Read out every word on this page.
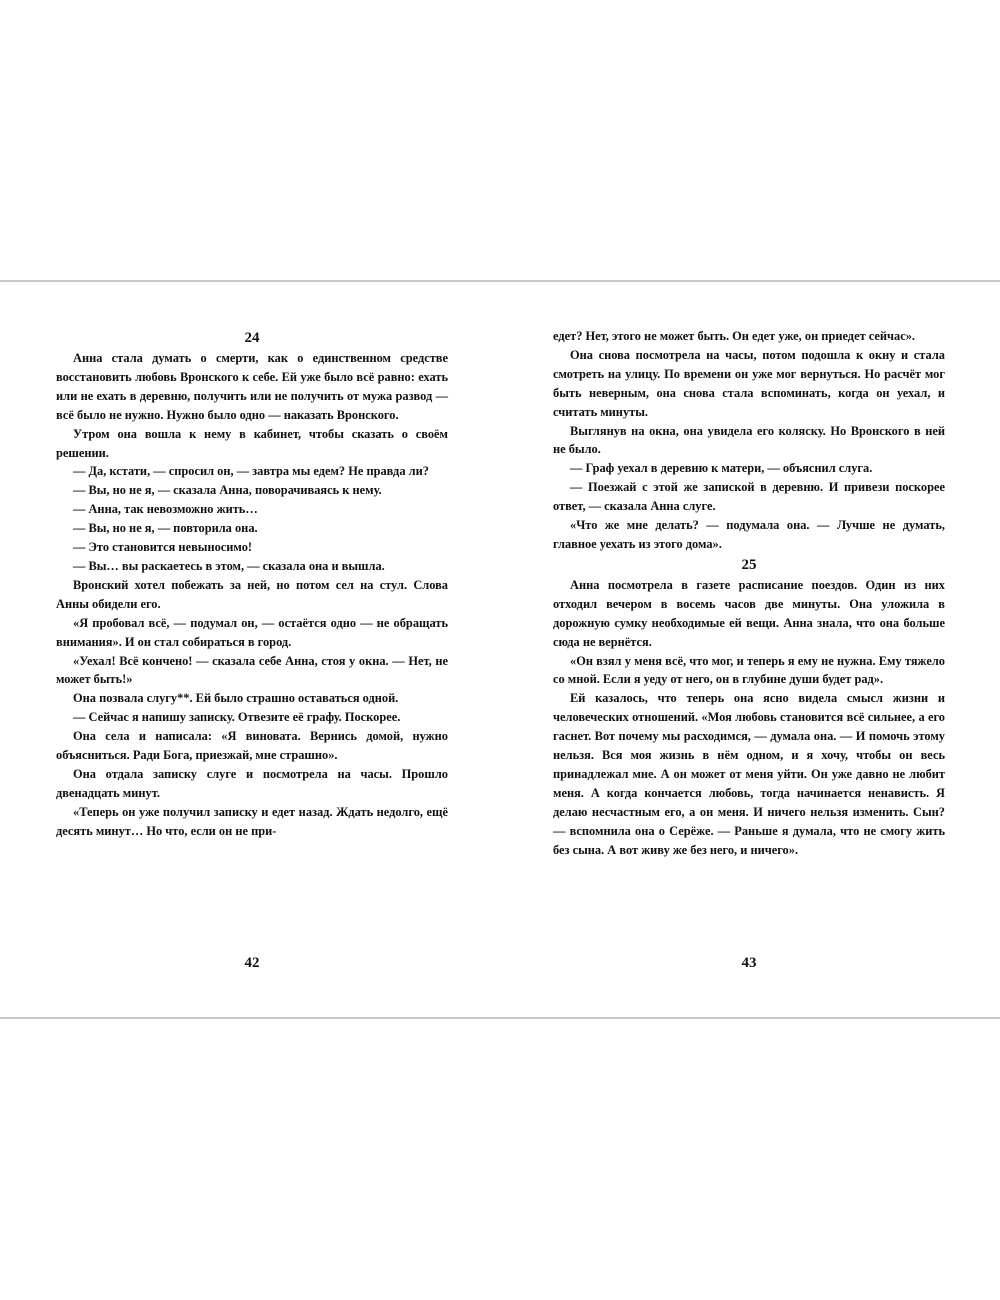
24

Анна стала думать о смерти, как о единственном средстве восстановить любовь Вронского к себе. Ей уже было всё равно: ехать или не ехать в деревню, получить или не получить от мужа развод — всё было не нужно. Нужно было одно — наказать Вронского.

Утром она вошла к нему в кабинет, чтобы сказать о своём решении.

— Да, кстати, — спросил он, — завтра мы едем? Не правда ли?

— Вы, но не я, — сказала Анна, поворачиваясь к нему.

— Анна, так невозможно жить…

— Вы, но не я, — повторила она.

— Это становится невыносимо!

— Вы… вы раскаетесь в этом, — сказала она и вышла.

Вронский хотел побежать за ней, но потом сел на стул. Слова Анны обидели его.

«Я пробовал всё, — подумал он, — остаётся одно — не обращать внимания». И он стал собираться в город.

«Уехал! Всё кончено! — сказала себе Анна, стоя у окна. — Нет, не может быть!»

Она позвала слугу**. Ей было страшно оставаться одной.

— Сейчас я напишу записку. Отвезите её графу. Поскорее.

Она села и написала: «Я виновата. Вернись домой, нужно объясниться. Ради Бога, приезжай, мне страшно».

Она отдала записку слуге и посмотрела на часы. Прошло двенадцать минут.

«Теперь он уже получил записку и едет назад. Ждать недолго, ещё десять минут… Но что, если он не при-

едет? Нет, этого не может быть. Он едет уже, он приедет сейчас».

Она снова посмотрела на часы, потом подошла к окну и стала смотреть на улицу. По времени он уже мог вернуться. Но расчёт мог быть неверным, она снова стала вспоминать, когда он уехал, и считать минуты.

Выглянув на окна, она увидела его коляску. Но Вронского в ней не было.

— Граф уехал в деревню к матери, — объяснил слуга.

— Поезжай с этой же запиской в деревню. И привези поскорее ответ, — сказала Анна слуге.

«Что же мне делать? — подумала она. — Лучше не думать, главное уехать из этого дома».

25

Анна посмотрела в газете расписание поездов. Один из них отходил вечером в восемь часов две минуты. Она уложила в дорожную сумку необходимые ей вещи. Анна знала, что она больше сюда не вернётся.

«Он взял у меня всё, что мог, и теперь я ему не нужна. Ему тяжело со мной. Если я уеду от него, он в глубине души будет рад».

Ей казалось, что теперь она ясно видела смысл жизни и человеческих отношений. «Моя любовь становится всё сильнее, а его гаснет. Вот почему мы расходимся, — думала она. — И помочь этому нельзя. Вся моя жизнь в нём одном, и я хочу, чтобы он весь принадлежал мне. А он может от меня уйти. Он уже давно не любит меня. А когда кончается любовь, тогда начинается ненависть. Я делаю несчастным его, а он меня. И ничего нельзя изменить. Сын? — вспомнила она о Серёже. — Раньше я думала, что не смогу жить без сына. А вот живу же без него, и ничего».

42	43
